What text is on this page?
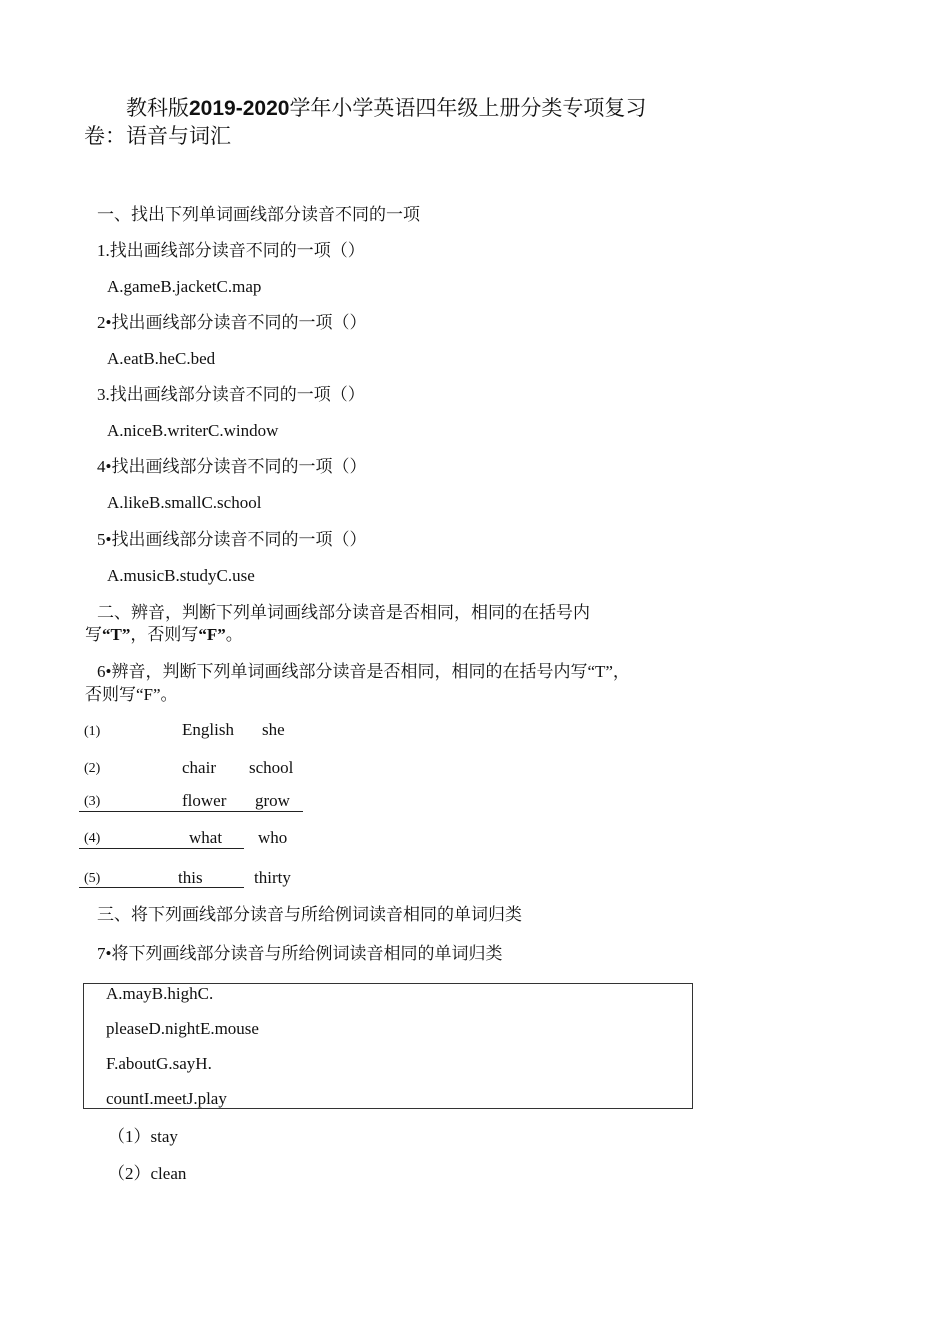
教科版2019-2020学年小学英语四年级上册分类专项复习
卷：语音与词汇
一、找出下列单词画线部分读音不同的一项
1.找出画线部分读音不同的一项（）
A.gameB.jacketC.map
2•找出画线部分读音不同的一项（）
A.eatB.heC.bed
3.找出画线部分读音不同的一项（）
A.niceB.writerC.window
4•找出画线部分读音不同的一项（）
A.likeB.smallC.school
5•找出画线部分读音不同的一项（）
A.musicB.studyC.use
二、辨音，判断下列单词画线部分读音是否相同，相同的在括号内
写“T”，否则写“F”。
6•辨音，判断下列单词画线部分读音是否相同，相同的在括号内写“T”，
否则写“F”。
(1)	English she
(2)	chair school
(3)	flower grow
(4)	what who
(5)	this	thirty
三、将下列画线部分读音与所给例词读音相同的单词归类
7•将下列画线部分读音与所给例词读音相同的单词归类
A.mayB.highC.
pleaseD.nightE.mouse
F.aboutG.sayH.
countI.meetJ.play
（1）stay
（2）clean
